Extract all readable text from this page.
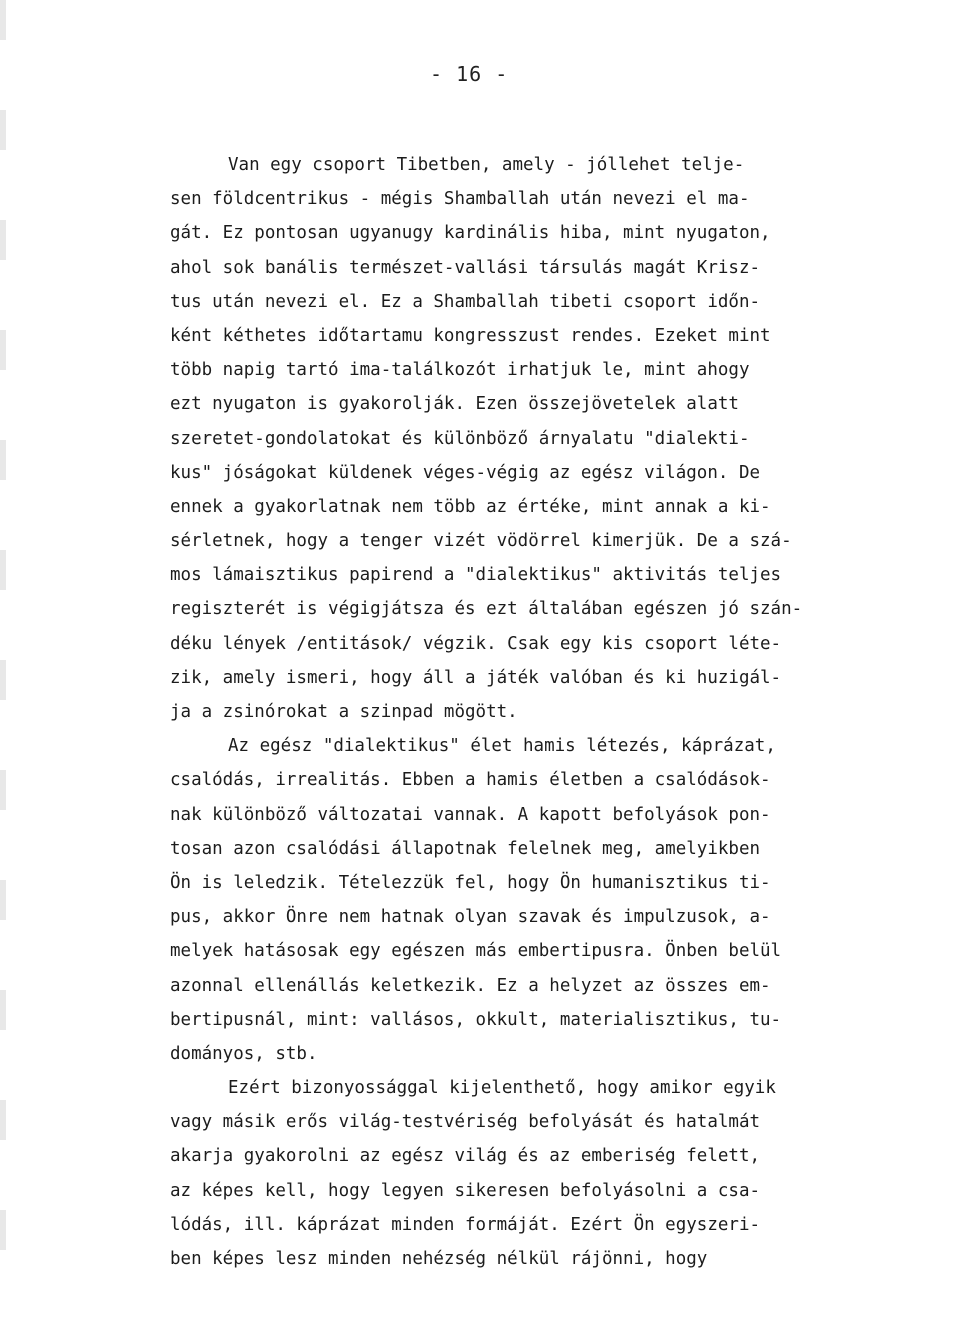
- 16 -
Van egy csoport Tibetben, amely - jóllehet telje-
sen földcentrikus - mégis Shamballah után nevezi el ma-
gát. Ez pontosan ugyanugy kardinális hiba, mint nyugaton,
ahol sok banális természet-vallási társulás magát Krisz-
tus után nevezi el. Ez a Shamballah tibeti csoport időn-
ként kéthetes időtartamu kongresszust rendes. Ezeket mint
több napig tartó ima-találkozót irhatjuk le, mint ahogy
ezt nyugaton is gyakorolják. Ezen összejövetelek alatt
szeretet-gondolatokat és különböző árnyalatu "dialekti-
kus" jóságokat küldenek véges-végig az egész világon. De
ennek a gyakorlatnak nem több az értéke, mint annak a ki-
sérletnek, hogy a tenger vizét vödörrel kimerjük. De a szá-
mos lámaisztikus papirend a "dialektikus" aktivitás teljes
regiszterét is végigjátsza és ezt általában egészen jó szán-
déku lények /entitások/ végzik. Csak egy kis csoport léte-
zik, amely ismeri, hogy áll a játék valóban és ki huzigál-
ja a zsinórokat a szinpad mögött.
Az egész "dialektikus" élet hamis létezés, káprázat,
csalódás, irrealitás. Ebben a hamis életben a csalódások-
nak különböző változatai vannak. A kapott befolyások pon-
tosan azon csalódási állapotnak felelnek meg, amelyikben
Ön is leledzik. Tételezzük fel, hogy Ön humanisztikus ti-
pus, akkor Önre nem hatnak olyan szavak és impulzusok, a-
melyek hatásosak egy egészen más embertipusra. Önben belül
azonnal ellenállás keletkezik. Ez a helyzet az összes em-
bertipusnál, mint: vallásos, okkult, materialisztikus, tu-
dományos, stb.
Ezért bizonyossággal kijelenthető, hogy amikor egyik
vagy másik erős világ-testvériség befolyását és hatalmát
akarja gyakorolni az egész világ és az emberiség felett,
az képes kell, hogy legyen sikeresen befolyásolni a csa-
lódás, ill. káprázat minden formáját. Ezért Ön egyszeri-
ben képes lesz minden nehézség nélkül rájönni, hogy
